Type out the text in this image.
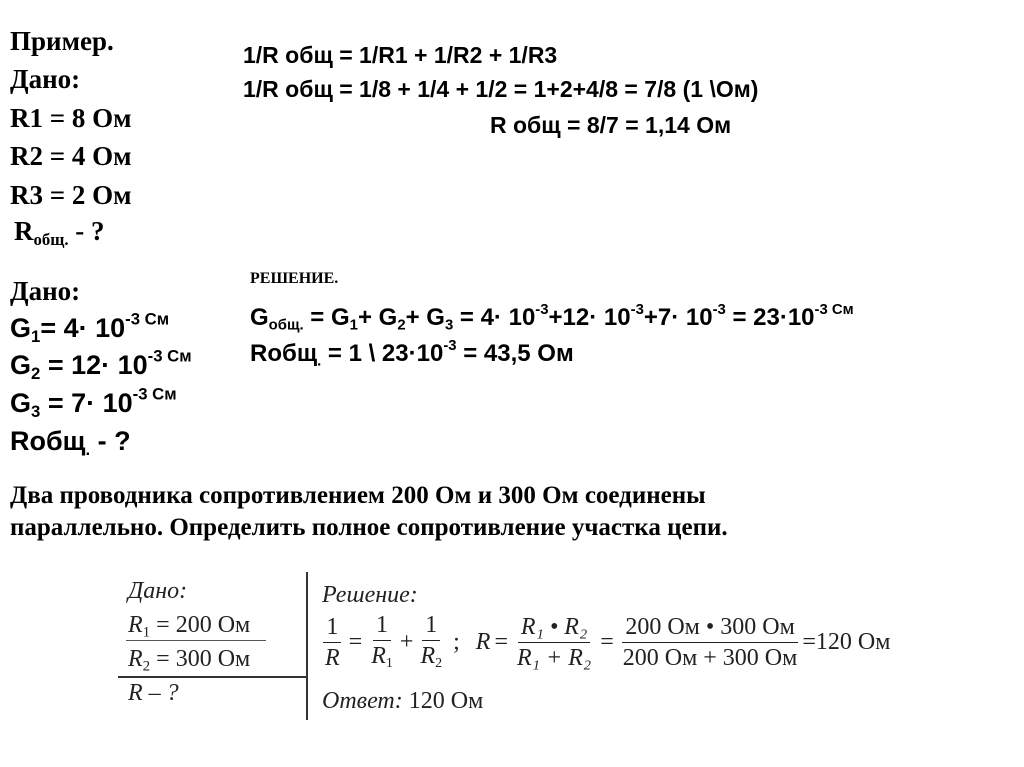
Пример.
Дано:
R1 = 8 Ом
R2 = 4 Ом
R3 = 2 Ом
$R_{общ.}$ - ?
1/R общ = 1/R1 + 1/R2 + 1/R3
1/R общ = 1/8 + 1/4 + 1/2 = 1+2+4/8 = 7/8 (1 \Ом)
R общ = 8/7 = 1,14 Ом
Дано:
$G_1= 4\cdot 10^{-3 См}$
$G_2 = 12\cdot 10^{-3 См}$
$G_3 = 7\cdot 10^{-3 См}$
Rобщ$_.$ - ?
РЕШЕНИЕ.
$G_{общ.} = G_1+ G_2+ G_3 = 4\cdot 10^{-3}+12\cdot 10^{-3}+7\cdot 10^{-3} = 23\cdot 10^{-3 См}$
Rобщ$_.$ = 1 \ $23\cdot 10^{-3} = 43,5$ Ом
Два проводника сопротивлением 200 Ом и 300 Ом соединены
параллельно. Определить полное сопротивление участка цепи.
Дано:
$R_1 = 200$ Ом
$R_2 = 300$ Ом
R – ?
Решение:
$\frac{1}{R} = \frac{1}{R_1} + \frac{1}{R_2}$ ; $R = \frac{\text{R₁ • R₂}}{\text{R₁ + R₂}} = \frac{200 Ом • 300 Ом}{200 Ом + 300 Ом} =120$ Ом
Ответ: 120 Ом
